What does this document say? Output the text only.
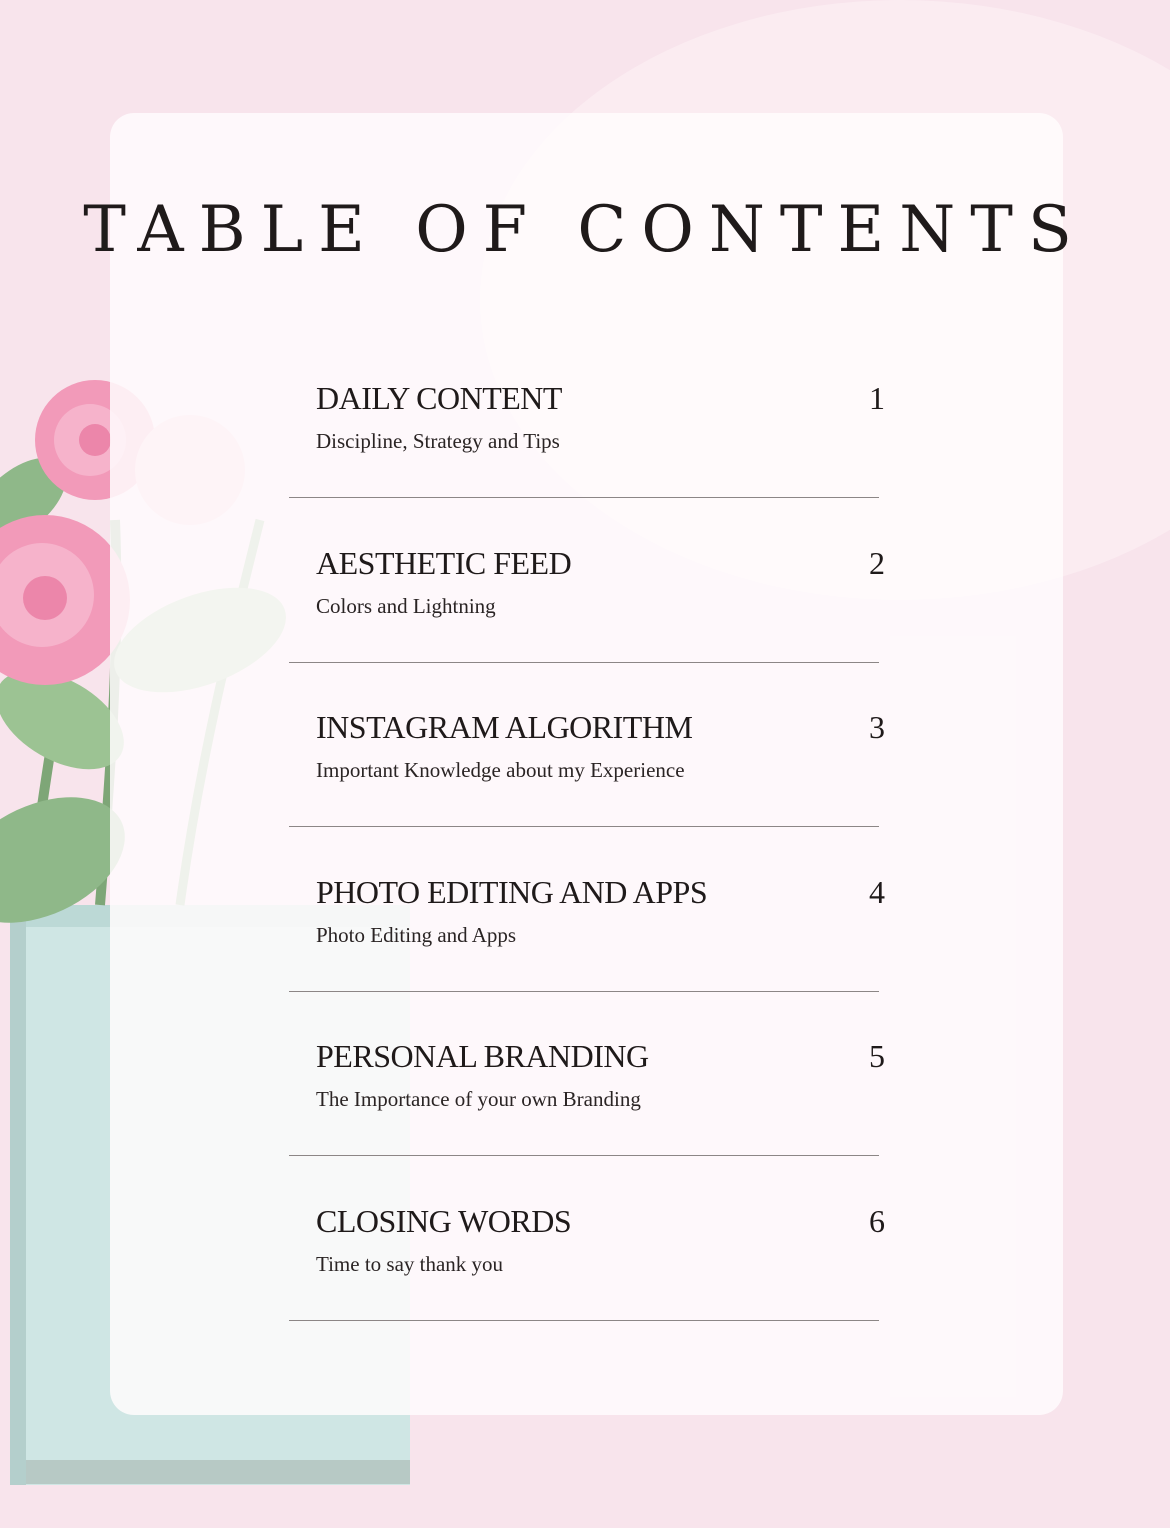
TABLE OF CONTENTS
DAILY CONTENT	1
Discipline, Strategy and Tips
AESTHETIC FEED	2
Colors and Lightning
INSTAGRAM ALGORITHM	3
Important Knowledge about my Experience
PHOTO EDITING AND APPS	4
Photo Editing and Apps
PERSONAL BRANDING	5
The Importance of your own Branding
CLOSING WORDS	6
Time to say thank you
